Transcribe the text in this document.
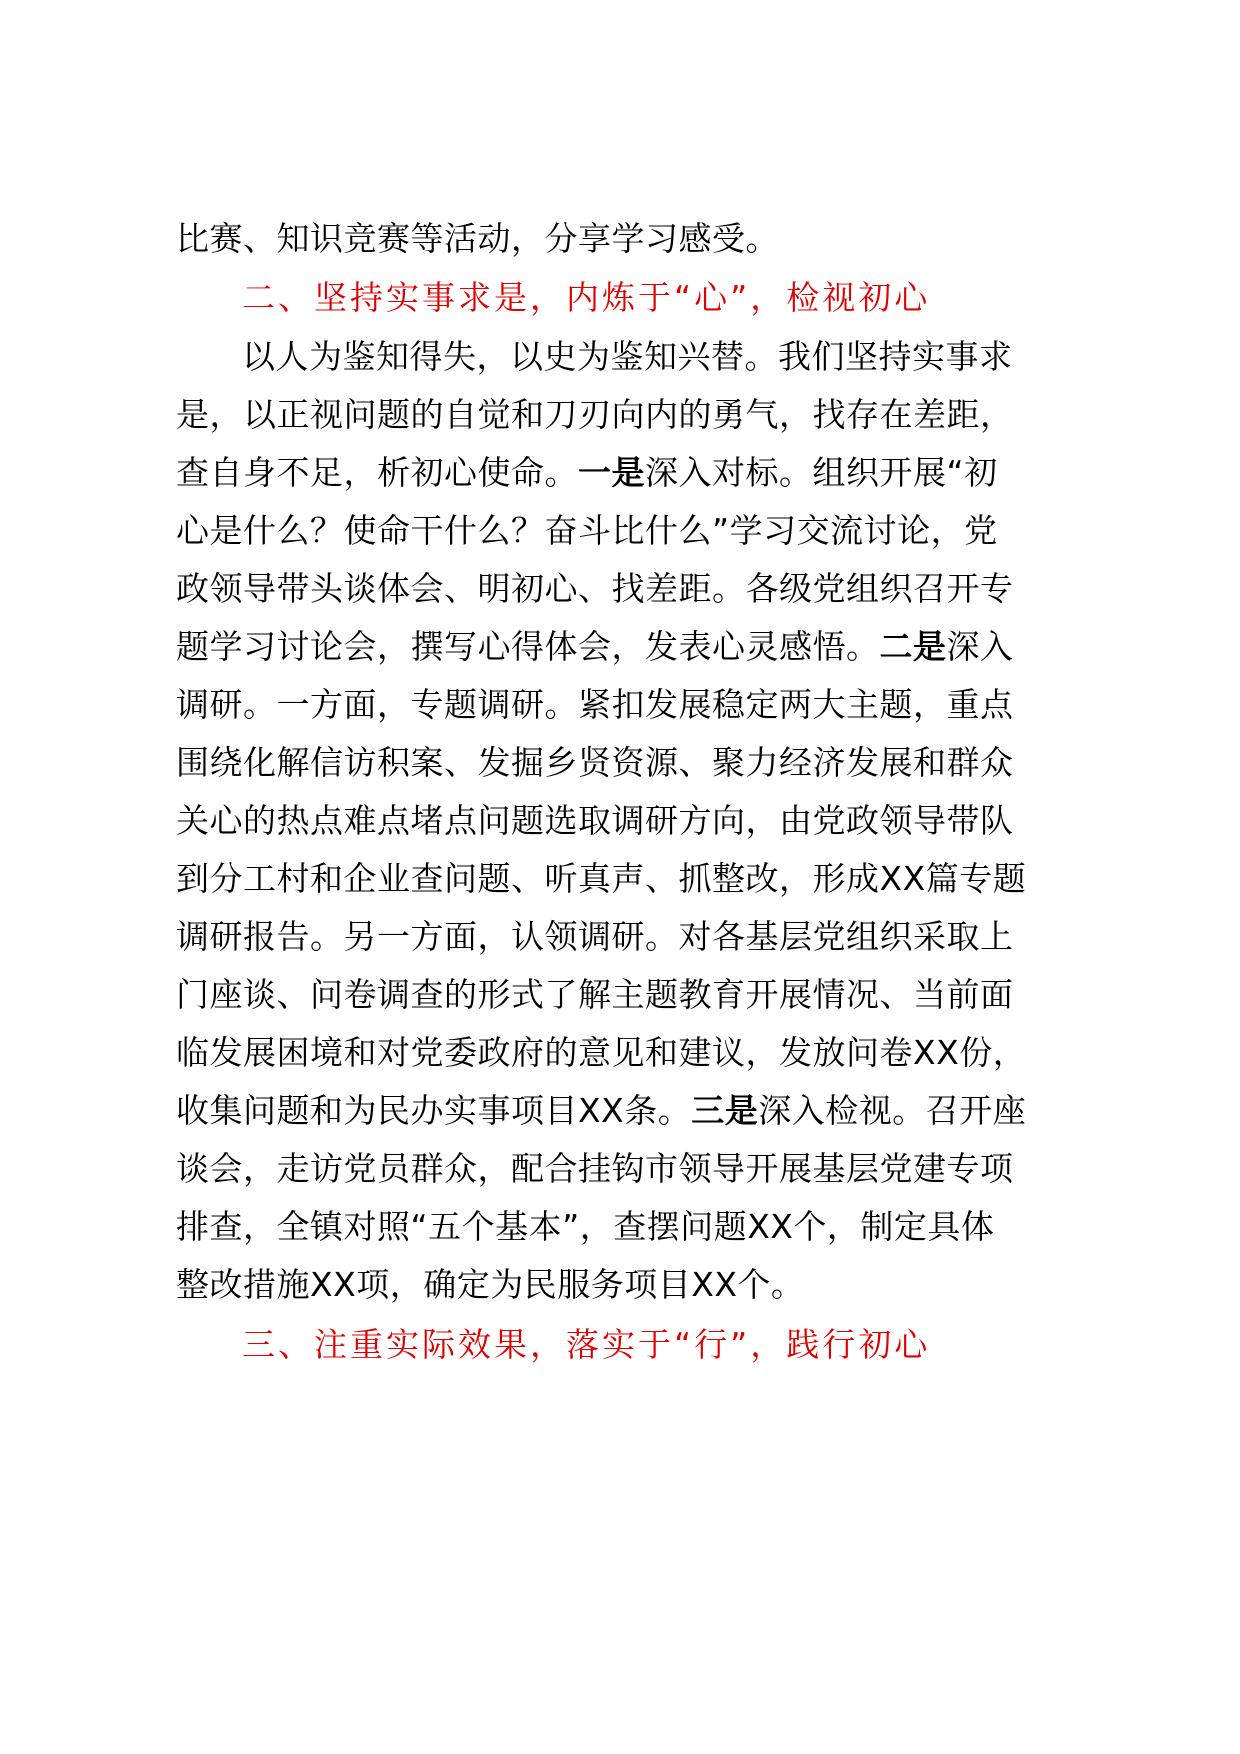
比赛、知识竞赛等活动，分享学习感受。
二、坚持实事求是，内炼于“心”，检视初心
以人为鉴知得失，以史为鉴知兴替。我们坚持实事求
是，以正视问题的自觉和刀刃向内的勇气，找存在差距，
查自身不足，析初心使命。一是深入对标。组织开展“初
心是什么？使命干什么？奋斗比什么”学习交流讨论，党
政领导带头谈体会、明初心、找差距。各级党组织召开专
题学习讨论会，撰写心得体会，发表心灵感悟。二是深入
调研。一方面，专题调研。紧扣发展稳定两大主题，重点
围绕化解信访积案、发掘乡贤资源、聚力经济发展和群众
关心的热点难点堵点问题选取调研方向，由党政领导带队
到分工村和企业查问题、听真声、抓整改，形成XX篇专题
调研报告。另一方面，认领调研。对各基层党组织采取上
门座谈、问卷调查的形式了解主题教育开展情况、当前面
临发展困境和对党委政府的意见和建议，发放问卷XX份，
收集问题和为民办实事项目XX条。三是深入检视。召开座
谈会，走访党员群众，配合挂钩市领导开展基层党建专项
排查，全镇对照“五个基本”，查摆问题XX个，制定具体
整改措施XX项，确定为民服务项目XX个。
三、注重实际效果，落实于“行”，践行初心
